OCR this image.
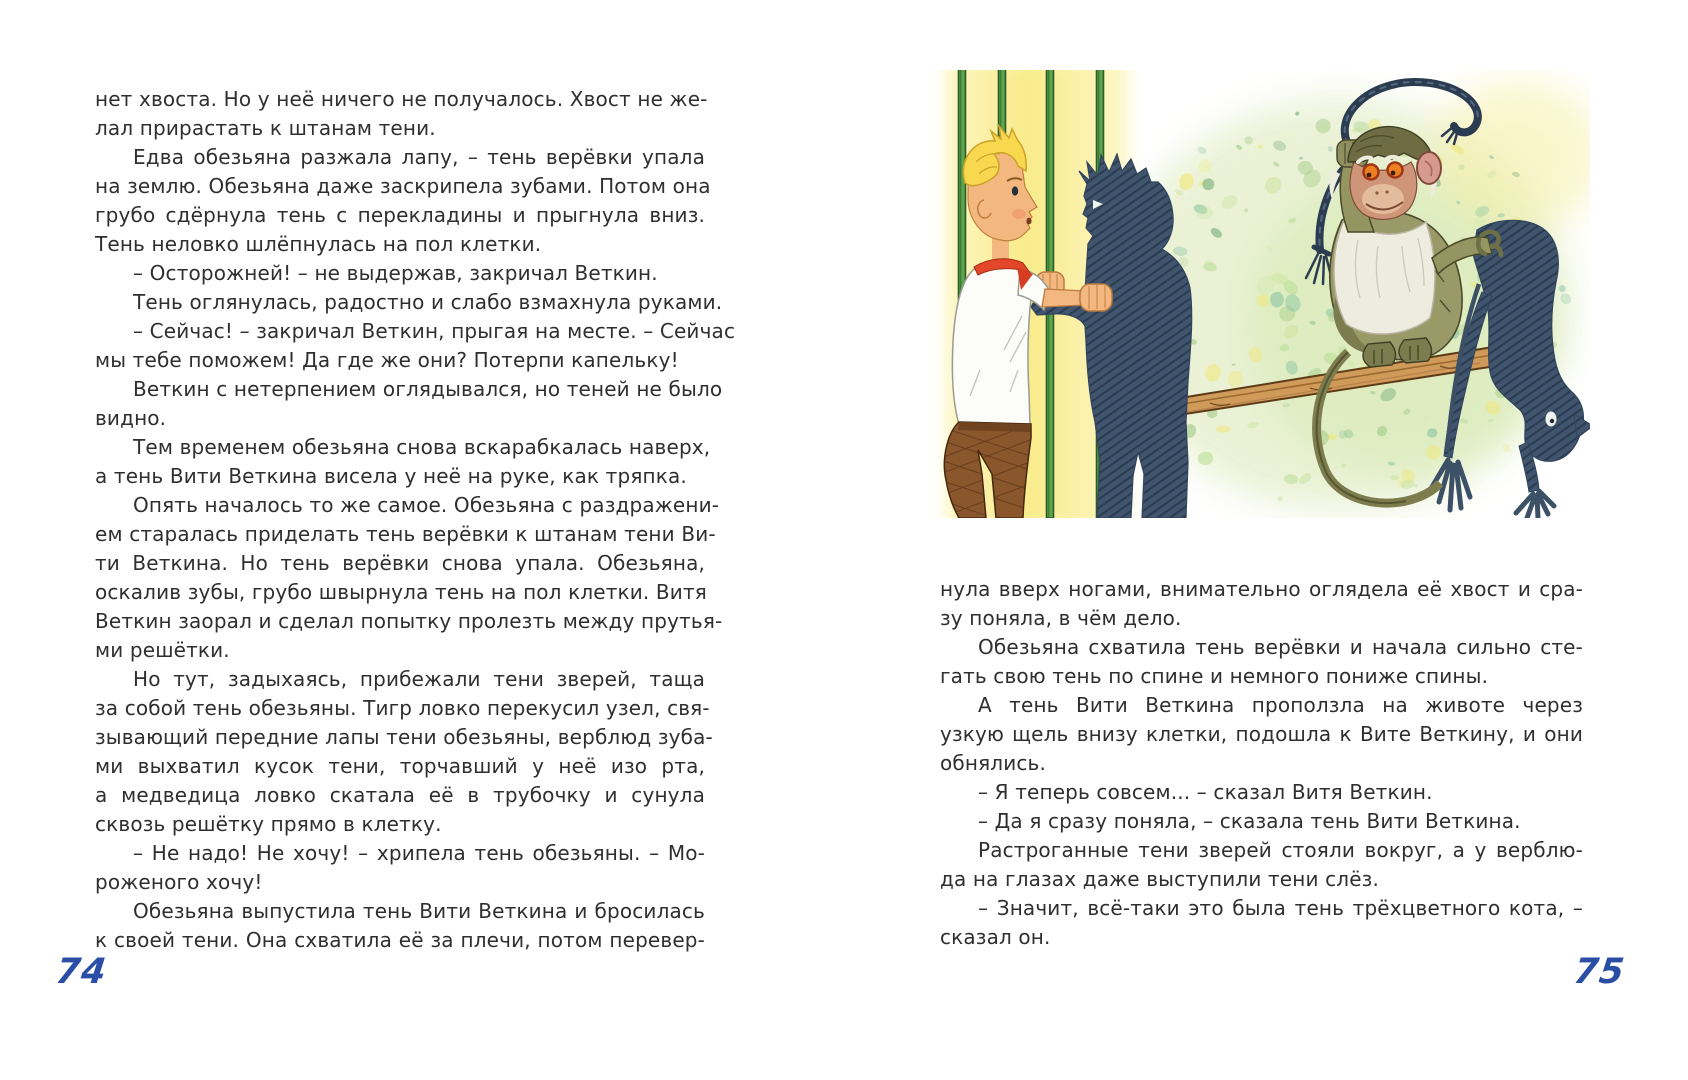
нет хвоста. Но у неё ничего не получалось. Хвост не же-
лал прирастать к штанам тени.
Едва обезьяна разжала лапу, – тень верёвки упала
на землю. Обезьяна даже заскрипела зубами. Потом она
грубо сдёрнула тень с перекладины и прыгнула вниз.
Тень неловко шлёпнулась на пол клетки.
– Осторожней! – не выдержав, закричал Веткин.
Тень оглянулась, радостно и слабо взмахнула руками.
– Сейчас! – закричал Веткин, прыгая на месте. – Сейчас
мы тебе поможем! Да где же они? Потерпи капельку!
Веткин с нетерпением оглядывался, но теней не было
видно.
Тем временем обезьяна снова вскарабкалась наверх,
а тень Вити Веткина висела у неё на руке, как тряпка.
Опять началось то же самое. Обезьяна с раздражени-
ем старалась приделать тень верёвки к штанам тени Ви-
ти Веткина. Но тень верёвки снова упала. Обезьяна,
оскалив зубы, грубо швырнула тень на пол клетки. Витя
Веткин заорал и сделал попытку пролезть между прутья-
ми решётки.
Но тут, задыхаясь, прибежали тени зверей, таща
за собой тень обезьяны. Тигр ловко перекусил узел, свя-
зывающий передние лапы тени обезьяны, верблюд зуба-
ми выхватил кусок тени, торчавший у неё изо рта,
а медведица ловко скатала её в трубочку и сунула
сквозь решётку прямо в клетку.
– Не надо! Не хочу! – хрипела тень обезьяны. – Мо-
роженого хочу!
Обезьяна выпустила тень Вити Веткина и бросилась
к своей тени. Она схватила её за плечи, потом перевер-
нула вверх ногами, внимательно оглядела её хвост и сра-
зу поняла, в чём дело.
Обезьяна схватила тень верёвки и начала сильно сте-
гать свою тень по спине и немного пониже спины.
А тень Вити Веткина проползла на животе через
узкую щель внизу клетки, подошла к Вите Веткину, и они
обнялись.
– Я теперь совсем... – сказал Витя Веткин.
– Да я сразу поняла, – сказала тень Вити Веткина.
Растроганные тени зверей стояли вокруг, а у верблю-
да на глазах даже выступили тени слёз.
– Значит, всё-таки это была тень трёхцветного кота, –
сказал он.
74	75
